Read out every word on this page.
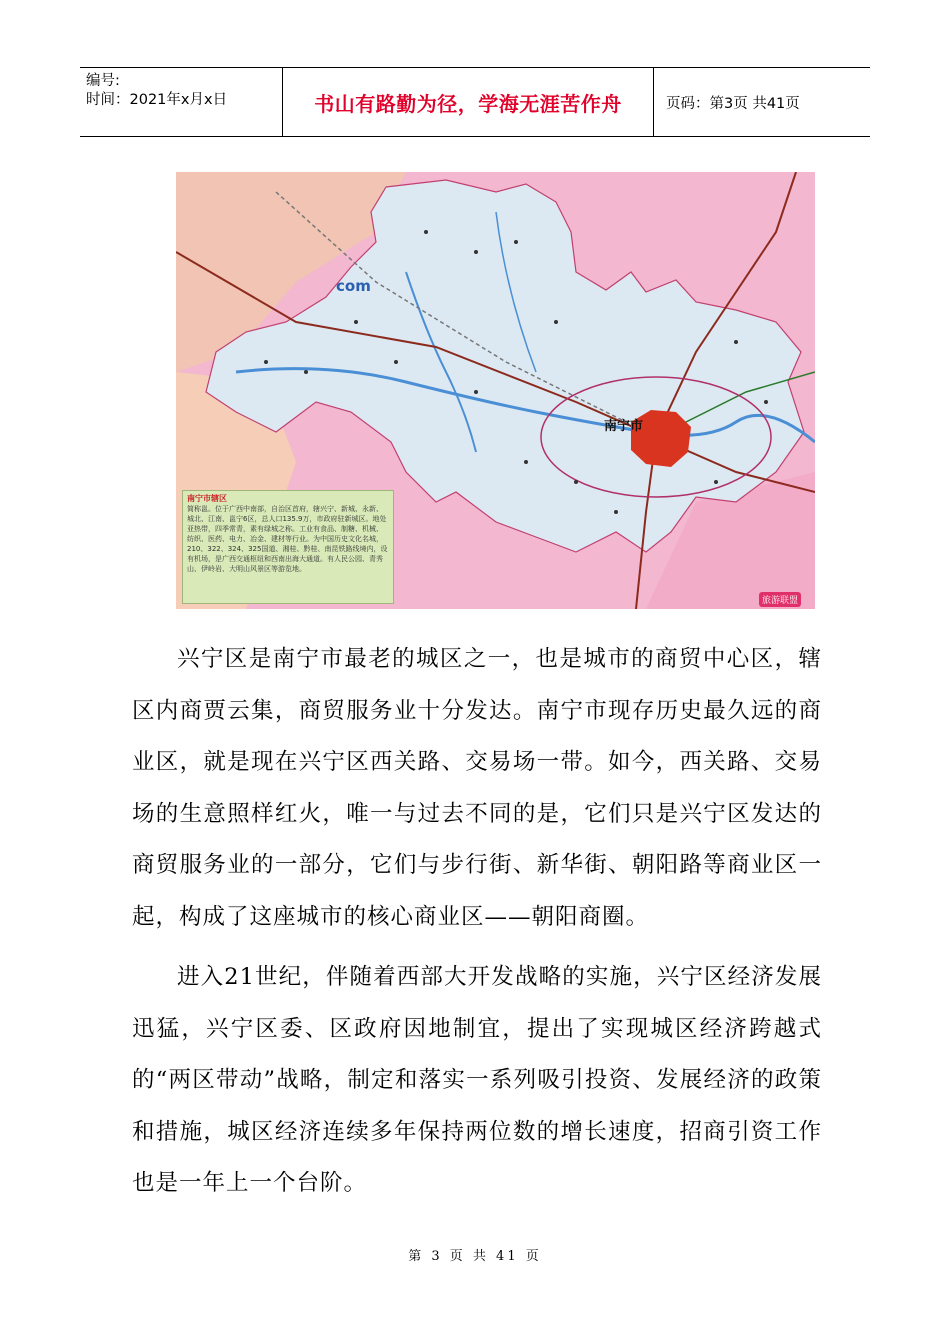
编号:
时间：2021年x月x日	书山有路勤为径，学海无涯苦作舟	页码：第3页 共41页
com
南宁市
南宁市辖区
简称邕。位于广西中南部，自治区首府，辖兴宁、新城、永新、城北、江南、邕宁6区，总人口135.9万，市政府驻新城区。地处亚热带，四季常青，素有绿城之称。工业有食品、制糖、机械、纺织、医药、电力、冶金、建材等行业。为中国历史文化名城，210、322、324、325国道、湘桂、黔桂、南昆铁路线境内，设有机场，是广西交通枢纽和西南出海大通道。有人民公园、青秀山、伊岭岩、大明山风景区等游览地。
旅游联盟

兴宁区是南宁市最老的城区之一，也是城市的商贸中心区，辖区内商贾云集，商贸服务业十分发达。南宁市现存历史最久远的商业区，就是现在兴宁区西关路、交易场一带。如今，西关路、交易场的生意照样红火，唯一与过去不同的是，它们只是兴宁区发达的商贸服务业的一部分，它们与步行街、新华街、朝阳路等商业区一起，构成了这座城市的核心商业区——朝阳商圈。

进入21世纪，伴随着西部大开发战略的实施，兴宁区经济发展迅猛，兴宁区委、区政府因地制宜，提出了实现城区经济跨越式的“两区带动”战略，制定和落实一系列吸引投资、发展经济的政策和措施，城区经济连续多年保持两位数的增长速度，招商引资工作也是一年上一个台阶。

第 3 页 共 41 页
